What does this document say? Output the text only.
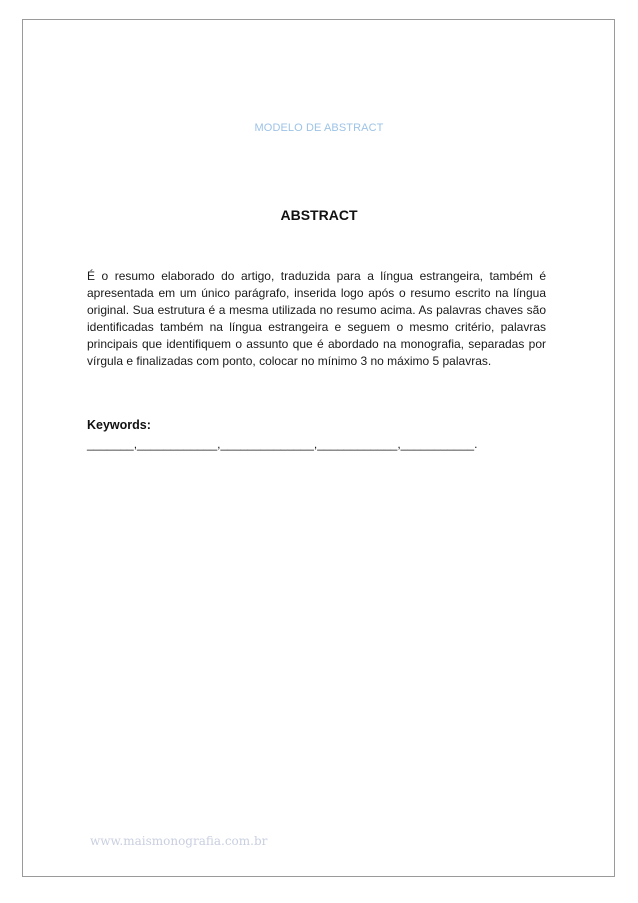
MODELO DE ABSTRACT
ABSTRACT
É o resumo elaborado do artigo, traduzida para a língua estrangeira, também é apresentada em um único parágrafo, inserida logo após o resumo escrito na língua original. Sua estrutura é a mesma utilizada no resumo acima. As palavras chaves são identificadas também na língua estrangeira e seguem o mesmo critério, palavras principais que identifiquem o assunto que é abordado na monografia, separadas por vírgula e finalizadas com ponto, colocar no mínimo 3 no máximo 5 palavras.
Keywords:
_______,____________,______________,____________,___________.
www.maismonografia.com.br
